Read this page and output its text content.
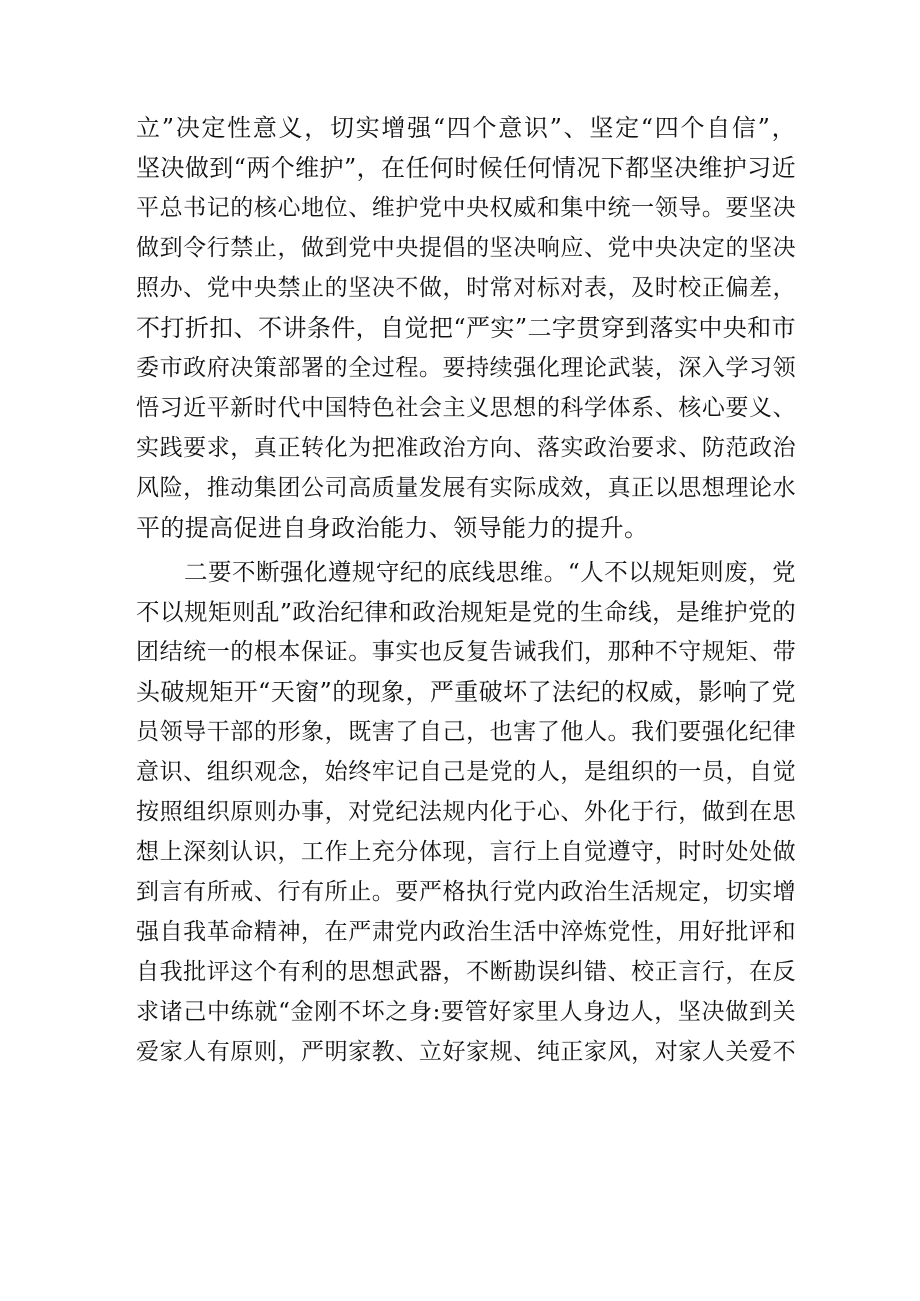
立”决定性意义，切实增强“四个意识”、坚定“四个自信”，
坚决做到“两个维护”，在任何时候任何情况下都坚决维护习近
平总书记的核心地位、维护党中央权威和集中统一领导。要坚决
做到令行禁止，做到党中央提倡的坚决响应、党中央决定的坚决
照办、党中央禁止的坚决不做，时常对标对表，及时校正偏差，
不打折扣、不讲条件，自觉把“严实”二字贯穿到落实中央和市
委市政府决策部署的全过程。要持续强化理论武装，深入学习领
悟习近平新时代中国特色社会主义思想的科学体系、核心要义、
实践要求，真正转化为把准政治方向、落实政治要求、防范政治
风险，推动集团公司高质量发展有实际成效，真正以思想理论水
平的提高促进自身政治能力、领导能力的提升。
二要不断强化遵规守纪的底线思维。“人不以规矩则废，党
不以规矩则乱”政治纪律和政治规矩是党的生命线，是维护党的
团结统一的根本保证。事实也反复告诫我们，那种不守规矩、带
头破规矩开“天窗”的现象，严重破坏了法纪的权威，影响了党
员领导干部的形象，既害了自己，也害了他人。我们要强化纪律
意识、组织观念，始终牢记自己是党的人，是组织的一员，自觉
按照组织原则办事，对党纪法规内化于心、外化于行，做到在思
想上深刻认识，工作上充分体现，言行上自觉遵守，时时处处做
到言有所戒、行有所止。要严格执行党内政治生活规定，切实增
强自我革命精神，在严肃党内政治生活中淬炼党性，用好批评和
自我批评这个有利的思想武器，不断勘误纠错、校正言行，在反
求诸己中练就“金刚不坏之身:要管好家里人身边人，坚决做到关
爱家人有原则，严明家教、立好家规、纯正家风，对家人关爱不
